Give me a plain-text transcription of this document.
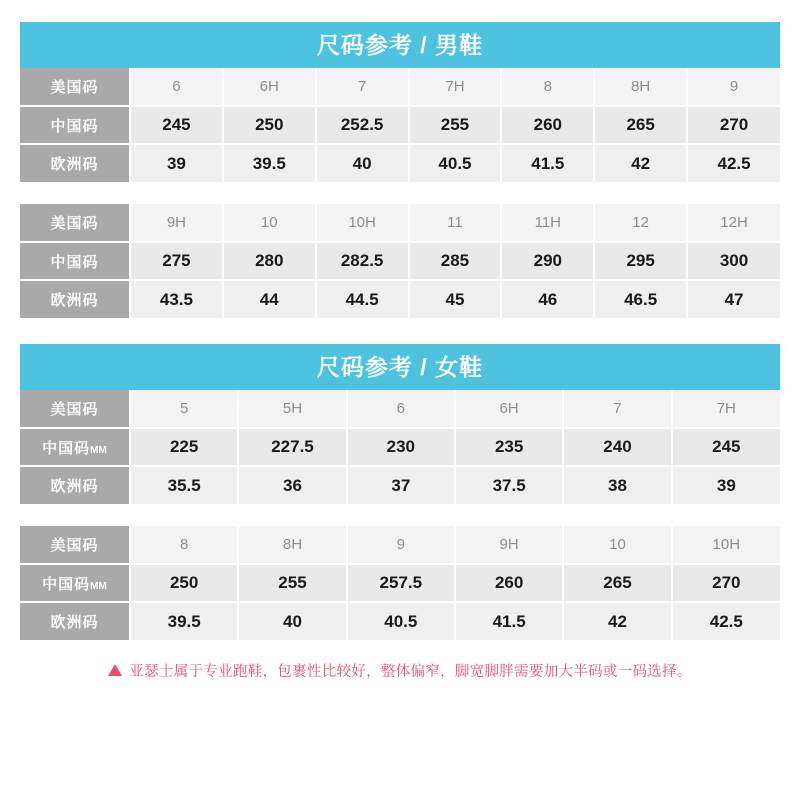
尺码参考 / 男鞋
美国码	6	6H	7	7H	8	8H	9
中国码	245	250	252.5	255	260	265	270
欧洲码	39	39.5	40	40.5	41.5	42	42.5
美国码	9H	10	10H	11	11H	12	12H
中国码	275	280	282.5	285	290	295	300
欧洲码	43.5	44	44.5	45	46	46.5	47
尺码参考 / 女鞋
美国码	5	5H	6	6H	7	7H
中国码MM	225	227.5	230	235	240	245
欧洲码	35.5	36	37	37.5	38	39
美国码	8	8H	9	9H	10	10H
中国码MM	250	255	257.5	260	265	270
欧洲码	39.5	40	40.5	41.5	42	42.5
亚瑟士属于专业跑鞋，包裹性比较好，整体偏窄，脚宽脚胖需要加大半码或一码选择。
